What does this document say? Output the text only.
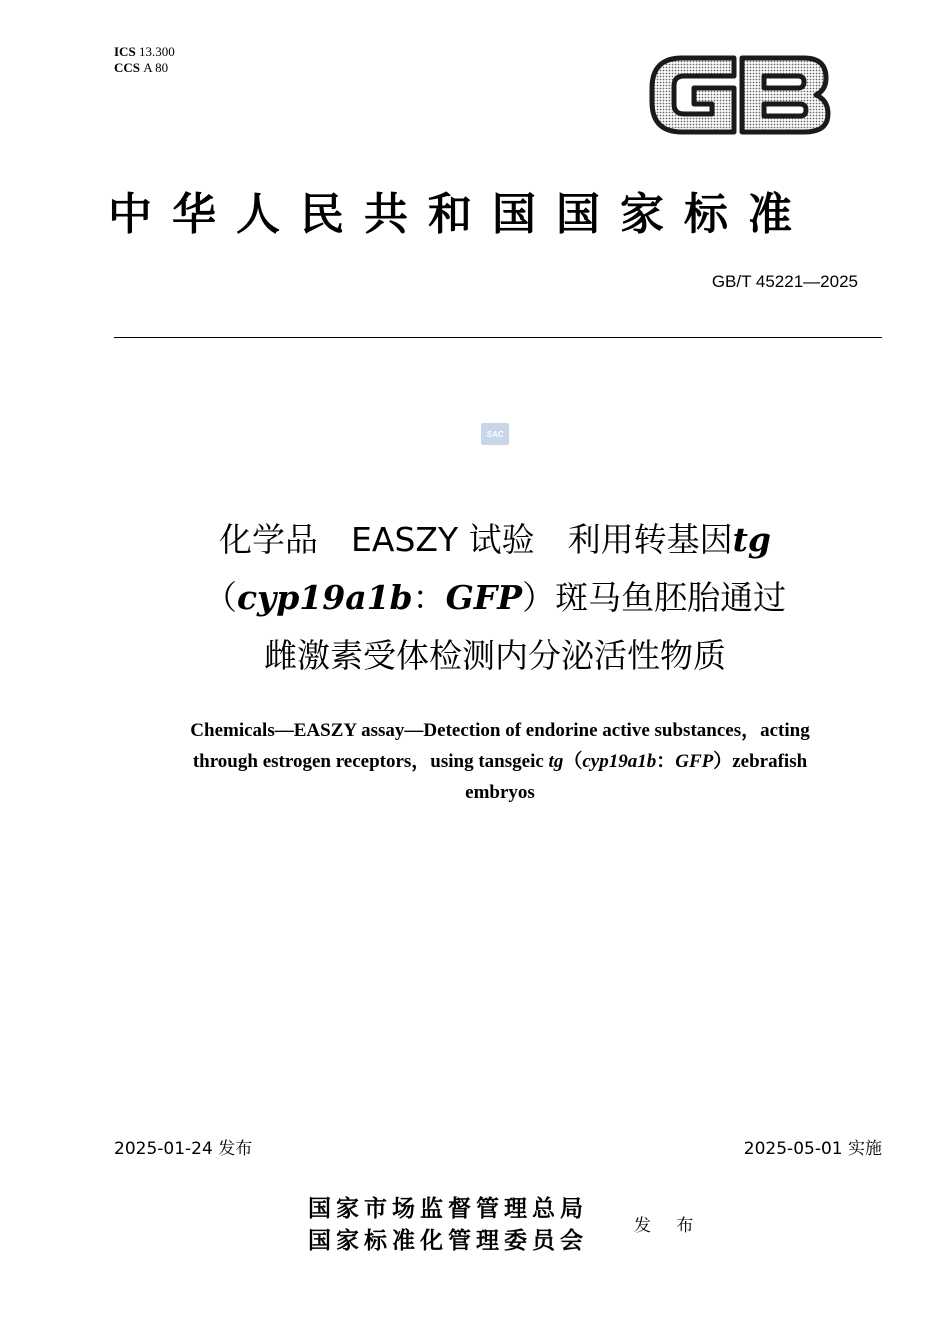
ICS 13.300
CCS A 80
中华人民共和国国家标准
GB/T 45221—2025
SAC
化学品　EASZY 试验　利用转基因tg
（cyp19a1b：GFP）斑马鱼胚胎通过
雌激素受体检测内分泌活性物质
Chemicals—EASZY assay—Detection of endorine active substances，acting
through estrogen receptors，using tansgeic tg（cyp19a1b：GFP）zebrafish
embryos
2025-01-24 发布	2025-05-01 实施
国家市场监督管理总局
国家标准化管理委员会
发 布
